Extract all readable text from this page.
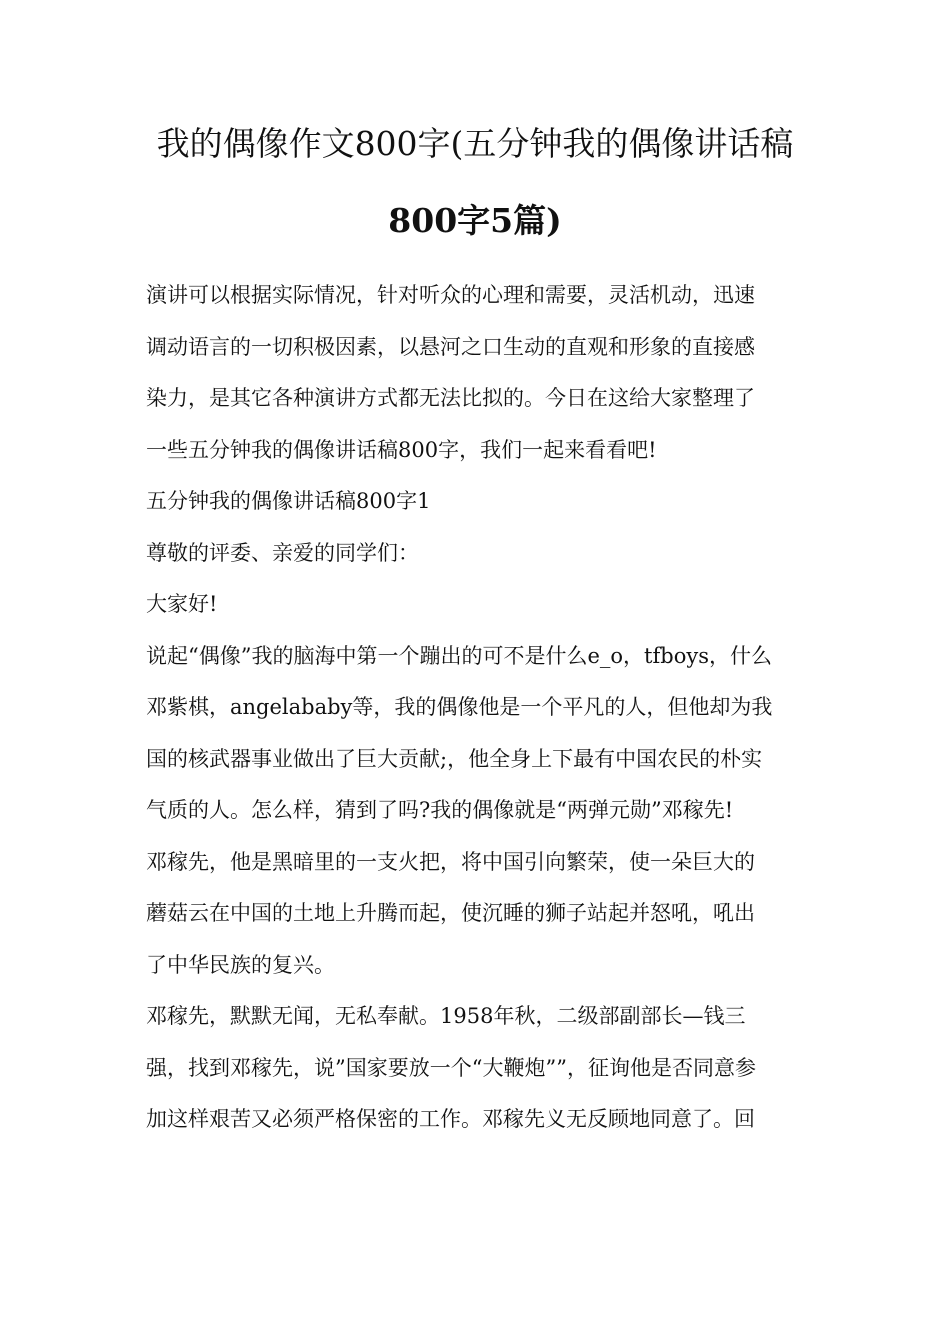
我的偶像作文800字(五分钟我的偶像讲话稿
800字5篇)
演讲可以根据实际情况，针对听众的心理和需要，灵活机动，迅速
调动语言的一切积极因素，以悬河之口生动的直观和形象的直接感
染力，是其它各种演讲方式都无法比拟的。今日在这给大家整理了
一些五分钟我的偶像讲话稿800字，我们一起来看看吧!
五分钟我的偶像讲话稿800字1
尊敬的评委、亲爱的同学们：
大家好!
说起“偶像”我的脑海中第一个蹦出的可不是什么e_o，tfboys，什么
邓紫棋，angelababy等，我的偶像他是一个平凡的人，但他却为我
国的核武器事业做出了巨大贡献;，他全身上下最有中国农民的朴实
气质的人。怎么样，猜到了吗?我的偶像就是“两弹元勋”邓稼先!
邓稼先，他是黑暗里的一支火把，将中国引向繁荣，使一朵巨大的
蘑菇云在中国的土地上升腾而起，使沉睡的狮子站起并怒吼，吼出
了中华民族的复兴。
邓稼先，默默无闻，无私奉献。1958年秋，二级部副部长—钱三
强，找到邓稼先，说”国家要放一个“大鞭炮””，征询他是否同意参
加这样艰苦又必须严格保密的工作。邓稼先义无反顾地同意了。回
